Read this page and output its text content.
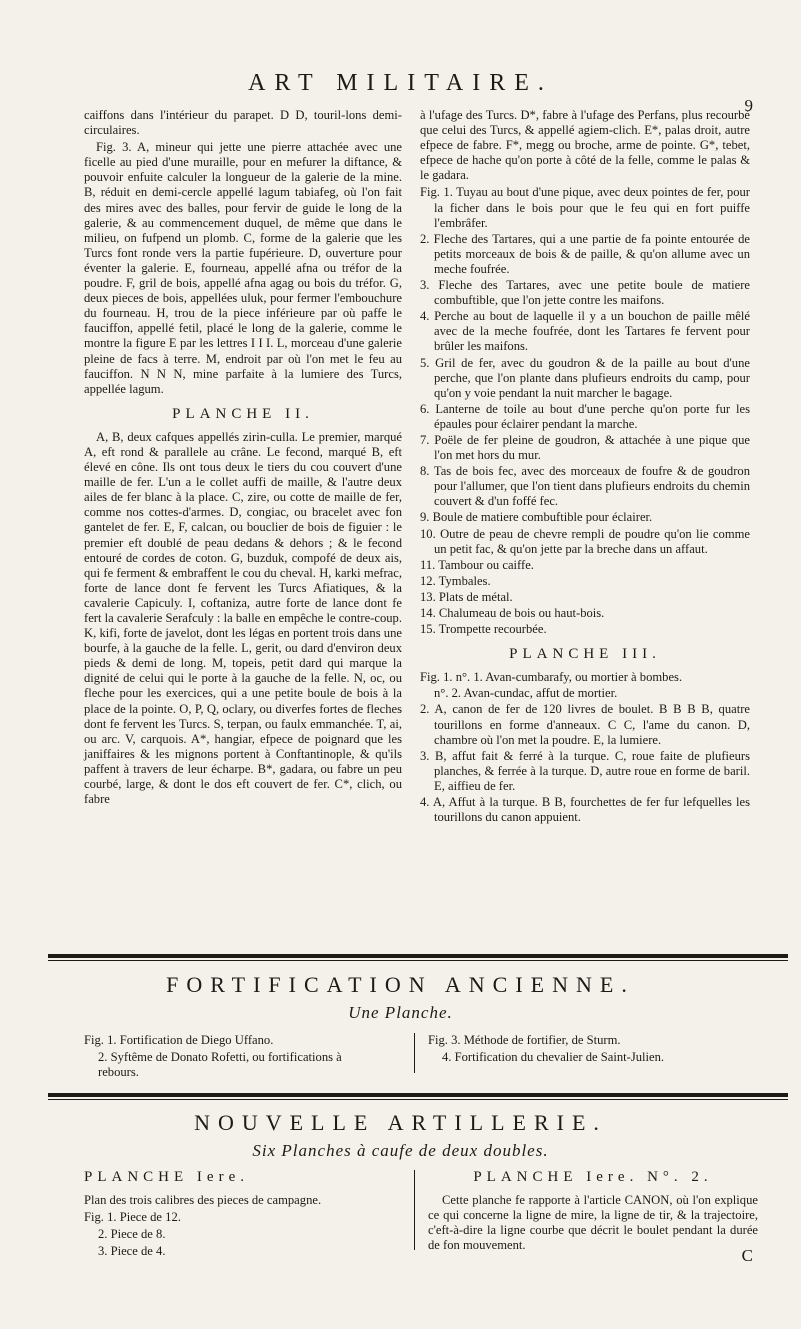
ART MILITAIRE.
9

caiffons dans l'intérieur du parapet. D D, touril-lons demi-circulaires.

Fig. 3. A, mineur qui jette une pierre attachée avec une ficelle au pied d'une muraille, pour en mefurer la diftance, & pouvoir enfuite calculer la longueur de la galerie de la mine. B, réduit en demi-cercle appellé lagum tabiafeg, où l'on fait des mires avec des balles, pour fervir de guide le long de la galerie, & au commencement duquel, de même que dans le milieu, on fufpend un plomb. C, forme de la galerie que les Turcs font ronde vers la partie fupérieure. D, ouverture pour éventer la galerie. E, fourneau, appellé afna ou tréfor de la poudre. F, gril de bois, appellé afna agag ou bois du tréfor. G, deux pieces de bois, appellées uluk, pour fermer l'embouchure du fourneau. H, trou de la piece inférieure par où paffe le fauciffon, appellé fetil, placé le long de la galerie, comme le montre la figure E par les lettres I I I. L, morceau d'une galerie pleine de facs à terre. M, endroit par où l'on met le feu au fauciffon. N N N, mine parfaite à la lumiere des Turcs, appellée lagum.

PLANCHE II.

A, B, deux cafques appellés zirin-culla. Le premier, marqué A, eft rond & parallele au crâne. Le fecond, marqué B, eft élevé en cône. Ils ont tous deux le tiers du cou couvert d'une maille de fer. L'un a le collet auffi de maille, & l'autre deux ailes de fer blanc à la place. C, zire, ou cotte de maille de fer, comme nos cottes-d'armes. D, congiac, ou bracelet avec fon gantelet de fer. E, F, calcan, ou bouclier de bois de figuier : le premier eft doublé de peau dedans & dehors ; & le fecond entouré de cordes de coton. G, buzduk, compofé de deux ais, qui fe ferment & embraffent le cou du cheval. H, karki mefrac, forte de lance dont fe fervent les Turcs Afiatiques, & la cavalerie Capiculy. I, coftaniza, autre forte de lance dont fe fert la cavalerie Serafculy : la balle en empêche le contre-coup. K, kifi, forte de javelot, dont les légas en portent trois dans une bourfe, à la gauche de la felle. L, gerit, ou dard d'environ deux pieds & demi de long. M, topeis, petit dard qui marque la dignité de celui qui le porte à la gauche de la felle. N, oc, ou fleche pour les exercices, qui a une petite boule de bois à la place de la pointe. O, P, Q, oclary, ou diverfes fortes de fleches dont fe fervent les Turcs. S, terpan, ou faulx emmanchée. T, ai, ou arc. V, carquois. A*, hangiar, efpece de poignard que les janiffaires & les mignons portent à Conftantinople, & qu'ils paffent à travers de leur écharpe. B*, gadara, ou fabre un peu courbé, large, & dont le dos eft couvert de fer. C*, clich, ou fabre

à l'ufage des Turcs. D*, fabre à l'ufage des Perfans, plus recourbé que celui des Turcs, & appellé agiem-clich. E*, palas droit, autre efpece de fabre. F*, megg ou broche, arme de pointe. G*, tebet, efpece de hache qu'on porte à côté de la felle, comme le palas & le gadara.

Fig. 1. Tuyau au bout d'une pique, avec deux pointes de fer, pour la ficher dans le bois pour que le feu qui en fort puiffe l'embrâfer.

2. Fleche des Tartares, qui a une partie de fa pointe entourée de petits morceaux de bois & de paille, & qu'on allume avec un meche foufrée.

3. Fleche des Tartares, avec une petite boule de matiere combuftible, que l'on jette contre les maifons.

4. Perche au bout de laquelle il y a un bouchon de paille mêlé avec de la meche foufrée, dont les Tartares fe fervent pour brûler les maifons.

5. Gril de fer, avec du goudron & de la paille au bout d'une perche, que l'on plante dans plufieurs endroits du camp, pour qu'on y voie pendant la nuit marcher le bagage.

6. Lanterne de toile au bout d'une perche qu'on porte fur les épaules pour éclairer pendant la marche.

7. Poële de fer pleine de goudron, & attachée à une pique que l'on met hors du mur.

8. Tas de bois fec, avec des morceaux de foufre & de goudron pour l'allumer, que l'on tient dans plufieurs endroits du chemin couvert & d'un foffé fec.

9. Boule de matiere combuftible pour éclairer.

10. Outre de peau de chevre rempli de poudre qu'on lie comme un petit fac, & qu'on jette par la breche dans un affaut.

11. Tambour ou caiffe.

12. Tymbales.

13. Plats de métal.

14. Chalumeau de bois ou haut-bois.

15. Trompette recourbée.

PLANCHE III.

Fig. 1. n°. 1. Avan-cumbarafy, ou mortier à bombes.

n°. 2. Avan-cundac, affut de mortier.

2. A, canon de fer de 120 livres de boulet. B B B B, quatre tourillons en forme d'anneaux. C C, l'ame du canon. D, chambre où l'on met la poudre. E, la lumiere.

3. B, affut fait & ferré à la turque. C, roue faite de plufieurs planches, & ferrée à la turque. D, autre roue en forme de baril. E, aiffieu de fer.

4. A, Affut à la turque. B B, fourchettes de fer fur lefquelles les tourillons du canon appuient.

FORTIFICATION ANCIENNE.
Une Planche.

Fig. 1. Fortification de Diego Uffano.

2. Syftême de Donato Rofetti, ou fortifications à rebours.

Fig. 3. Méthode de fortifier, de Sturm.

4. Fortification du chevalier de Saint-Julien.

NOUVELLE ARTILLERIE.
Six Planches à caufe de deux doubles.

PLANCHE Iere.

Plan des trois calibres des pieces de campagne.

Fig. 1. Piece de 12.

2. Piece de 8.

3. Piece de 4.

PLANCHE Iere. N°. 2.

Cette planche fe rapporte à l'article CANON, où l'on explique ce qui concerne la ligne de mire, la ligne de tir, & la trajectoire, c'eft-à-dire la ligne courbe que décrit le boulet pendant la durée de fon mouvement.

C
